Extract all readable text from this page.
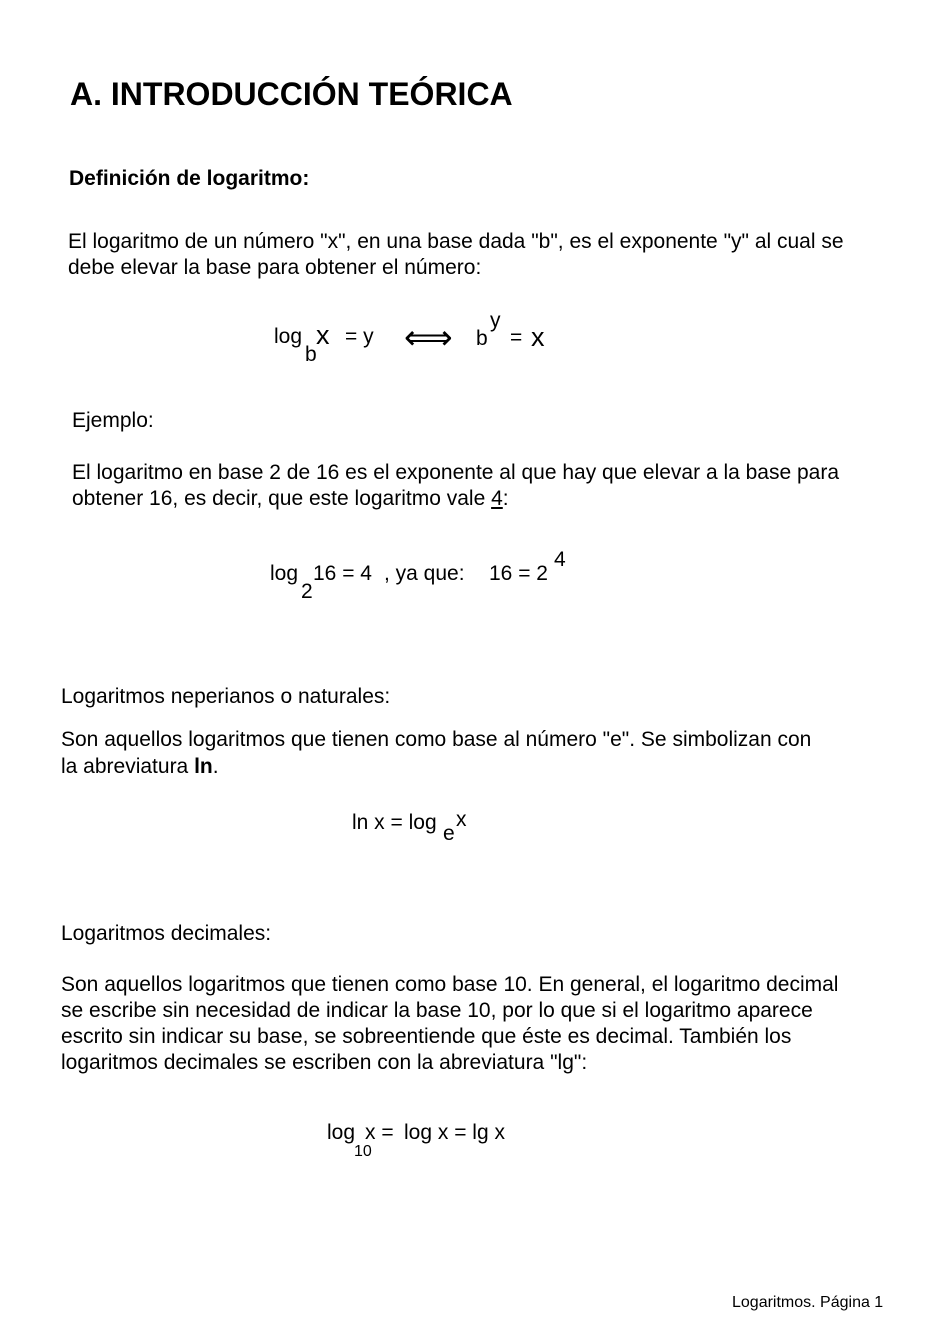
A. INTRODUCCIÓN TEÓRICA
Definición de logaritmo:
El logaritmo de un número "x", en una base dada "b", es el exponente "y" al cual se
debe elevar la base para obtener el número:
log
b
x = y ⟺ b
y
= x
Ejemplo:
El logaritmo en base 2 de 16 es el exponente al que hay que elevar a la base para
obtener 16, es decir, que este logaritmo vale 4:
log
2
16 = 4 , ya que: 16 = 2
4
Logaritmos neperianos o naturales:
Son aquellos logaritmos que tienen como base al número "e". Se simbolizan con
la abreviatura ln.
ln x = log e
x
Logaritmos decimales:
Son aquellos logaritmos que tienen como base 10. En general, el logaritmo decimal
se escribe sin necesidad de indicar la base 10, por lo que si el logaritmo aparece
escrito sin indicar su base, se sobreentiende que éste es decimal. También los
logaritmos decimales se escriben con la abreviatura "lg":
log
10
x = log x = lg x
Logaritmos. Página 1
